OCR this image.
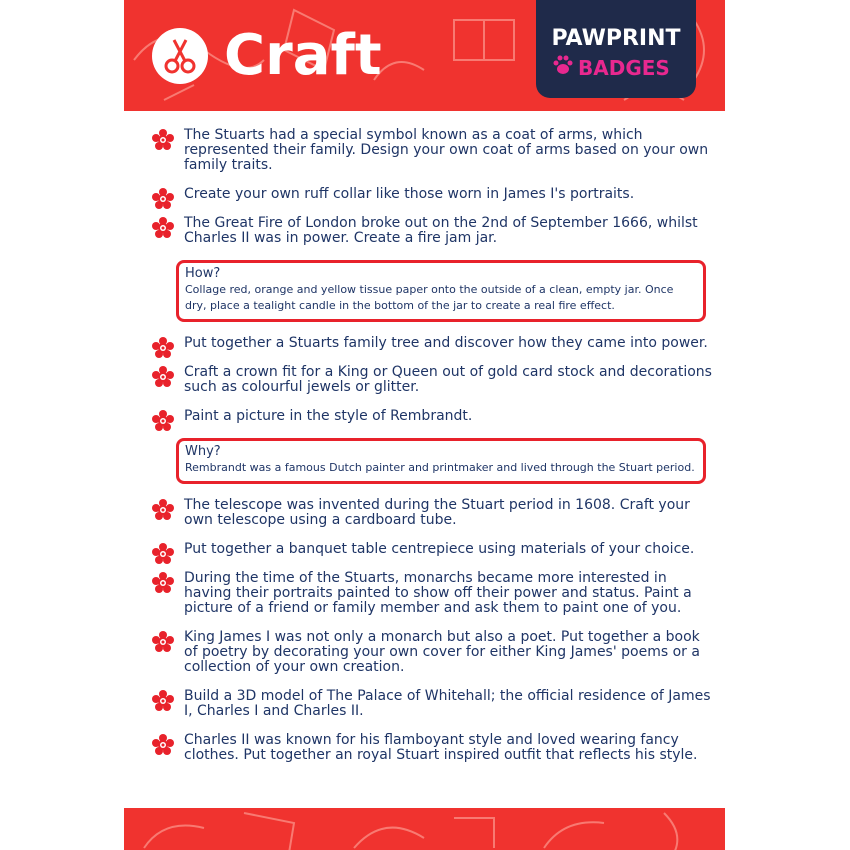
Craft	PAWPRINT
BADGES
The Stuarts had a special symbol known as a coat of arms, which represented their family. Design your own coat of arms based on your own family traits.
Create your own ruff collar like those worn in James I's portraits.
The Great Fire of London broke out on the 2nd of September 1666, whilst Charles II was in power. Create a fire jam jar.
How?
Collage red, orange and yellow tissue paper onto the outside of a clean, empty jar. Once dry, place a tealight candle in the bottom of the jar to create a real fire effect.
Put together a Stuarts family tree and discover how they came into power.
Craft a crown fit for a King or Queen out of gold card stock and decorations such as colourful jewels or glitter.
Paint a picture in the style of Rembrandt.
Why?
Rembrandt was a famous Dutch painter and printmaker and lived through the Stuart period.
The telescope was invented during the Stuart period in 1608. Craft your own telescope using a cardboard tube.
Put together a banquet table centrepiece using materials of your choice.
During the time of the Stuarts, monarchs became more interested in having their portraits painted to show off their power and status. Paint a picture of a friend or family member and ask them to paint one of you.
King James I was not only a monarch but also a poet. Put together a book of poetry by decorating your own cover for either King James' poems or a collection of your own creation.
Build a 3D model of The Palace of Whitehall; the official residence of James I, Charles I and Charles II.
Charles II was known for his flamboyant style and loved wearing fancy clothes. Put together an royal Stuart inspired outfit that reflects his style.
